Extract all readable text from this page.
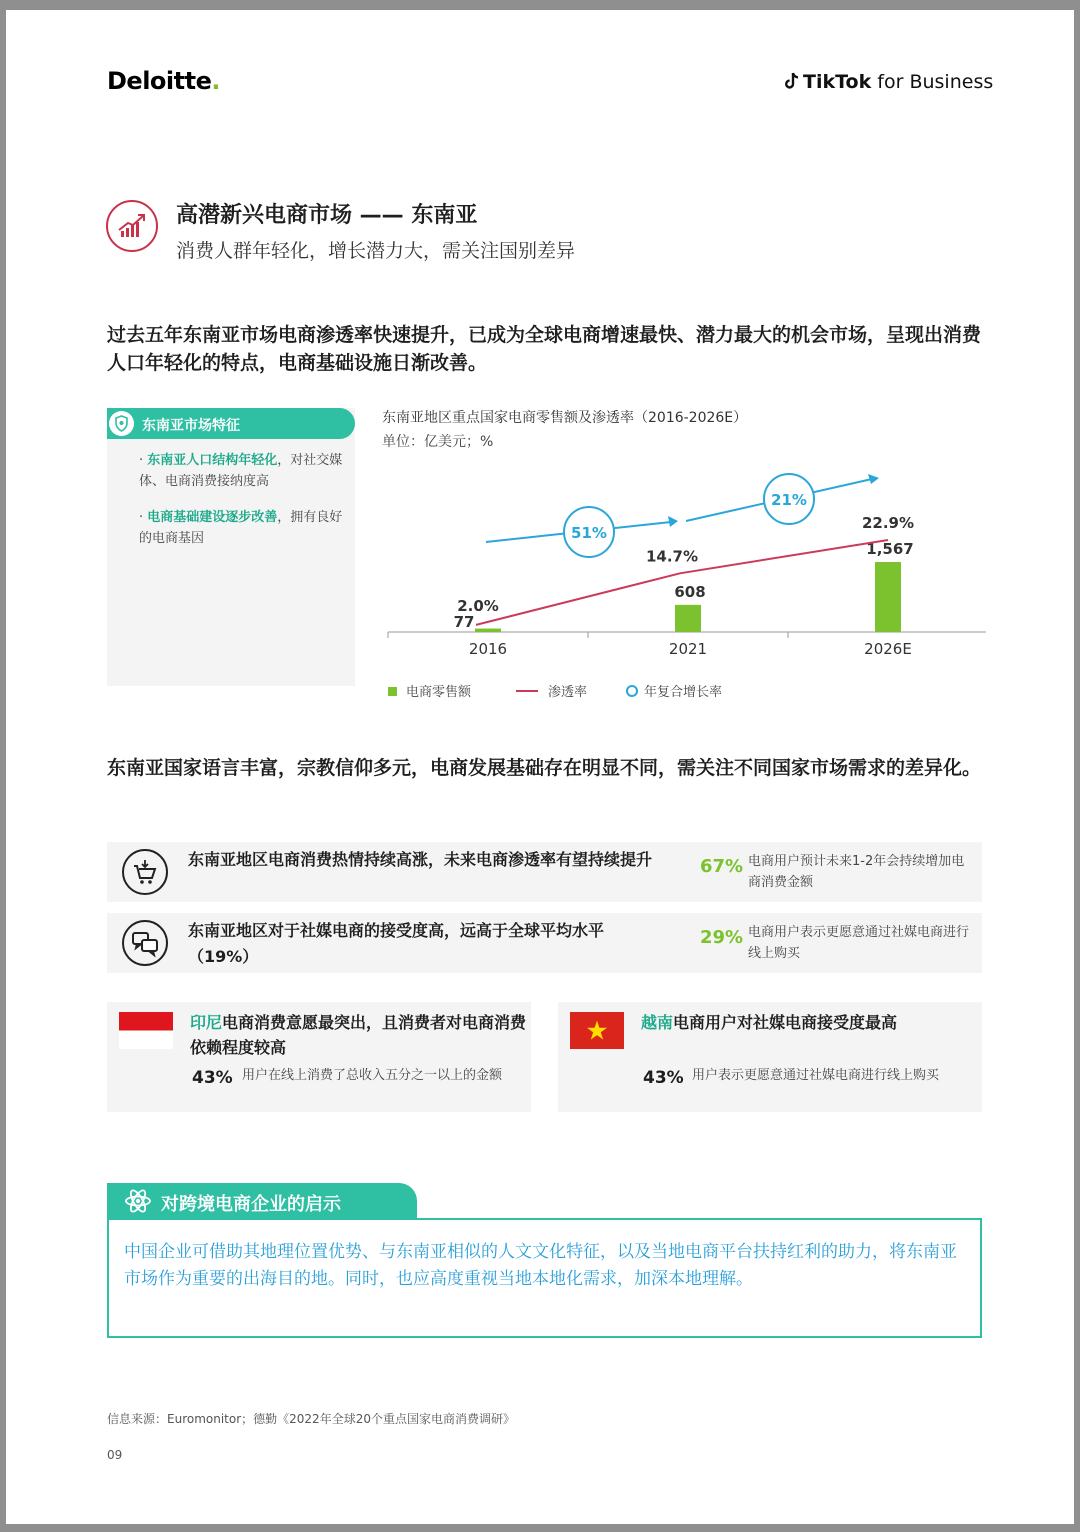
Deloitte.	TikTok for Business
高潜新兴电商市场 —— 东南亚
消费人群年轻化，增长潜力大，需关注国别差异
过去五年东南亚市场电商渗透率快速提升，已成为全球电商增速最快、潜力最大的机会市场，呈现出消费人口年轻化的特点，电商基础设施日渐改善。
东南亚市场特征
· 东南亚人口结构年轻化，对社交媒体、电商消费接纳度高
· 电商基础建设逐步改善，拥有良好的电商基因
东南亚地区重点国家电商零售额及渗透率（2016-2026E）
单位：亿美元；%
77
608
1,567
2.0%
14.7%
22.9%
2016	2021	2026E
51%
21%
电商零售额	渗透率	年复合增长率
东南亚国家语言丰富，宗教信仰多元，电商发展基础存在明显不同，需关注不同国家市场需求的差异化。
东南亚地区电商消费热情持续高涨，未来电商渗透率有望持续提升	67% 电商用户预计未来1-2年会持续增加电商消费金额
东南亚地区对于社媒电商的接受度高，远高于全球平均水平（19%）
29% 电商用户表示更愿意通过社媒电商进行线上购买
印尼电商消费意愿最突出，且消费者对电商消费依赖程度较高
43% 用户在线上消费了总收入五分之一以上的金额
越南电商用户对社媒电商接受度最高
43% 用户表示更愿意通过社媒电商进行线上购买
对跨境电商企业的启示
中国企业可借助其地理位置优势、与东南亚相似的人文文化特征，以及当地电商平台扶持红利的助力，将东南亚市场作为重要的出海目的地。同时，也应高度重视当地本地化需求，加深本地理解。
信息来源：Euromonitor；德勤《2022年全球20个重点国家电商消费调研》
09
